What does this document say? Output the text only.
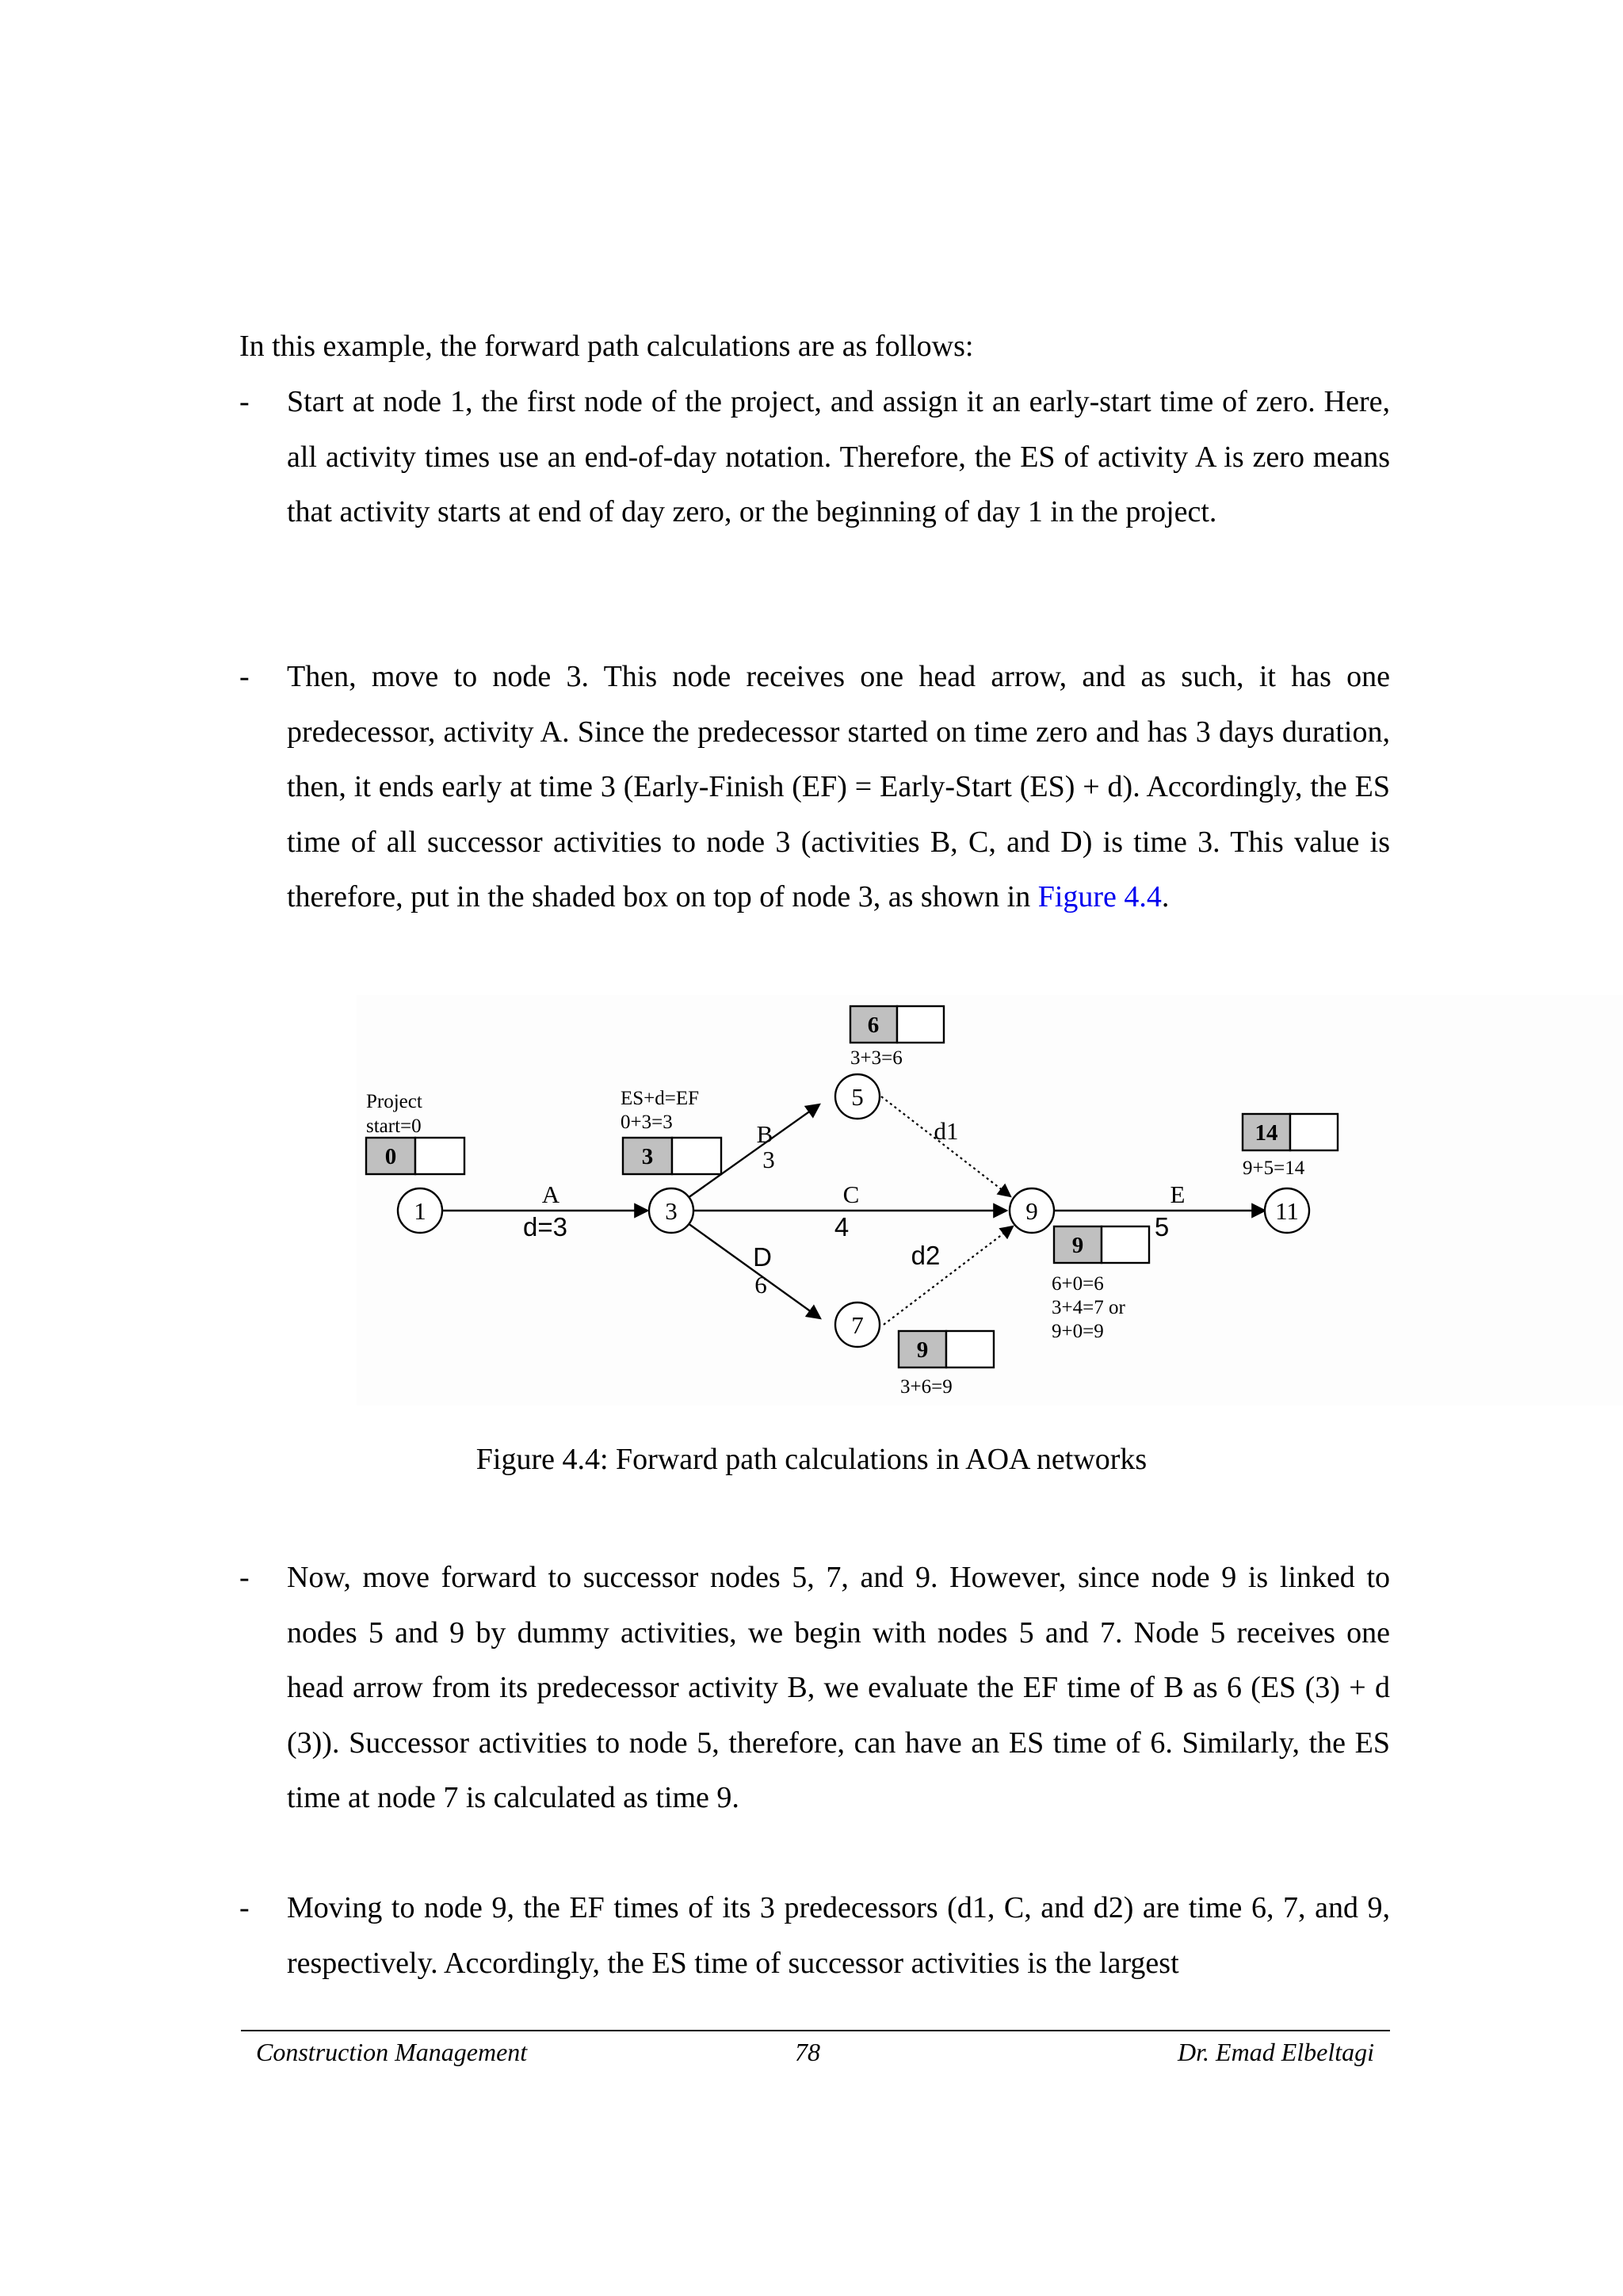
In this example, the forward path calculations are as follows:

- Start at node 1, the first node of the project, and assign it an early-start time of zero. Here, all activity times use an end-of-day notation. Therefore, the ES of activity A is zero means that activity starts at end of day zero, or the beginning of day 1 in the project.
- Then, move to node 3. This node receives one head arrow, and as such, it has one predecessor, activity A. Since the predecessor started on time zero and has 3 days duration, then, it ends early at time 3 (Early-Finish (EF) = Early-Start (ES) + d). Accordingly, the ES time of all successor activities to node 3 (activities B, C, and D) is time 3. This value is therefore, put in the shaded box on top of node 3, as shown in Figure 4.4.
1	3
5
7
9	11
0	3
6
9
9
14
Project
start=0
ES+d=EF
0+3=3
3+3=6
3+6=9
6+0=6
3+4=7 or
9+0=9
9+5=14
A
d=3
B
3
C
4
D
6
E
5
d1
d2
Figure 4.4: Forward path calculations in AOA networks
- Now, move forward to successor nodes 5, 7, and 9. However, since node 9 is linked to nodes 5 and 9 by dummy activities, we begin with nodes 5 and 7. Node 5 receives one head arrow from its predecessor activity B, we evaluate the EF time of B as 6 (ES (3) + d (3)). Successor activities to node 5, therefore, can have an ES time of 6. Similarly, the ES time at node 7 is calculated as time 9.
- Moving to node 9, the EF times of its 3 predecessors (d1, C, and d2) are time 6, 7, and 9, respectively. Accordingly, the ES time of successor activities is the largest
Construction Management	78	Dr. Emad Elbeltagi
